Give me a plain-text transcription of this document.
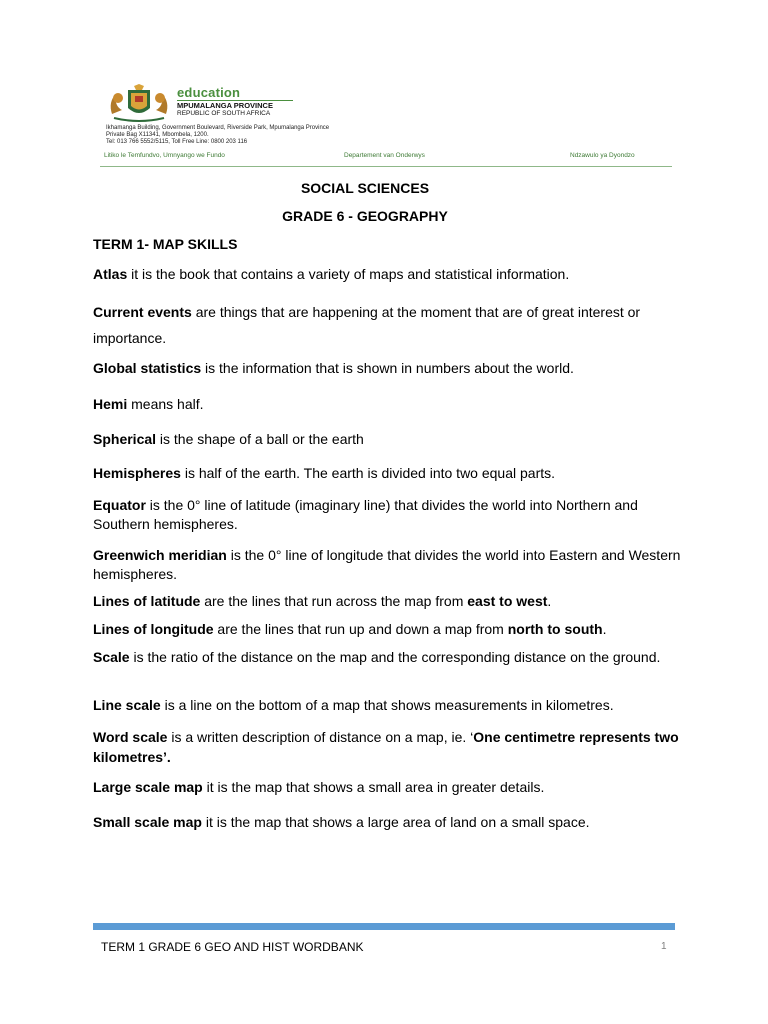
education
MPUMALANGA PROVINCE
REPUBLIC OF SOUTH AFRICA
Ikhamanga Building, Government Boulevard, Riverside Park, Mpumalanga Province
Private Bag X11341, Mbombela, 1200.
Tel: 013 766 5552/5115, Toll Free Line: 0800 203 116
Litiko le Temfundvo, Umnyango we Fundo	Departement van Onderwys	Ndzawulo ya Dyondzo
SOCIAL SCIENCES
GRADE 6 - GEOGRAPHY
TERM 1- MAP SKILLS
Atlas it is the book that contains a variety of maps and statistical information.
Current events are things that are happening at the moment that are of great interest or importance.
Global statistics is the information that is shown in numbers about the world.
Hemi means half.
Spherical is the shape of a ball or the earth
Hemispheres is half of the earth. The earth is divided into two equal parts.
Equator is the 0° line of latitude (imaginary line) that divides the world into Northern and Southern hemispheres.
Greenwich meridian is the 0° line of longitude that divides the world into Eastern and Western hemispheres.
Lines of latitude are the lines that run across the map from east to west.
Lines of longitude are the lines that run up and down a map from north to south.
Scale is the ratio of the distance on the map and the corresponding distance on the ground.
Line scale is a line on the bottom of a map that shows measurements in kilometres.
Word scale is a written description of distance on a map, ie. ‘One centimetre represents two kilometres’.
Large scale map it is the map that shows a small area in greater details.
Small scale map it is the map that shows a large area of land on a small space.
TERM 1 GRADE 6 GEO AND HIST WORDBANK	1
